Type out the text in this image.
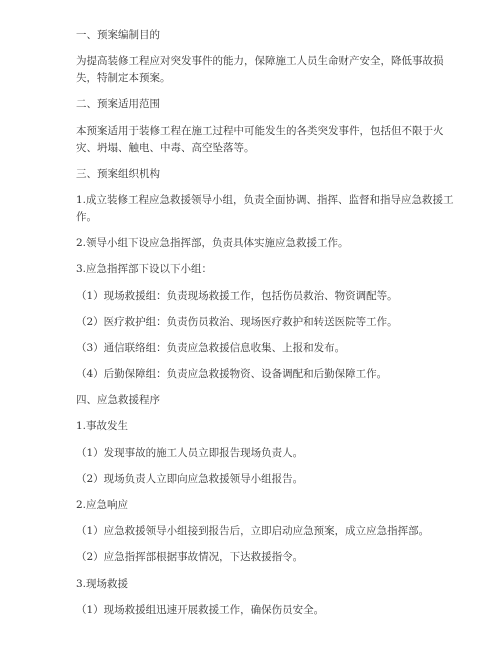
一、预案编制目的

为提高装修工程应对突发事件的能力，保障施工人员生命财产安全，降低事故损失，特制定本预案。

二、预案适用范围

本预案适用于装修工程在施工过程中可能发生的各类突发事件，包括但不限于火灾、坍塌、触电、中毒、高空坠落等。

三、预案组织机构

1.成立装修工程应急救援领导小组，负责全面协调、指挥、监督和指导应急救援工作。

2.领导小组下设应急指挥部，负责具体实施应急救援工作。

3.应急指挥部下设以下小组：

（1）现场救援组：负责现场救援工作，包括伤员救治、物资调配等。

（2）医疗救护组：负责伤员救治、现场医疗救护和转送医院等工作。

（3）通信联络组：负责应急救援信息收集、上报和发布。

（4）后勤保障组：负责应急救援物资、设备调配和后勤保障工作。

四、应急救援程序

1.事故发生

（1）发现事故的施工人员立即报告现场负责人。

（2）现场负责人立即向应急救援领导小组报告。

2.应急响应

（1）应急救援领导小组接到报告后，立即启动应急预案，成立应急指挥部。

（2）应急指挥部根据事故情况，下达救援指令。

3.现场救援

（1）现场救援组迅速开展救援工作，确保伤员安全。
